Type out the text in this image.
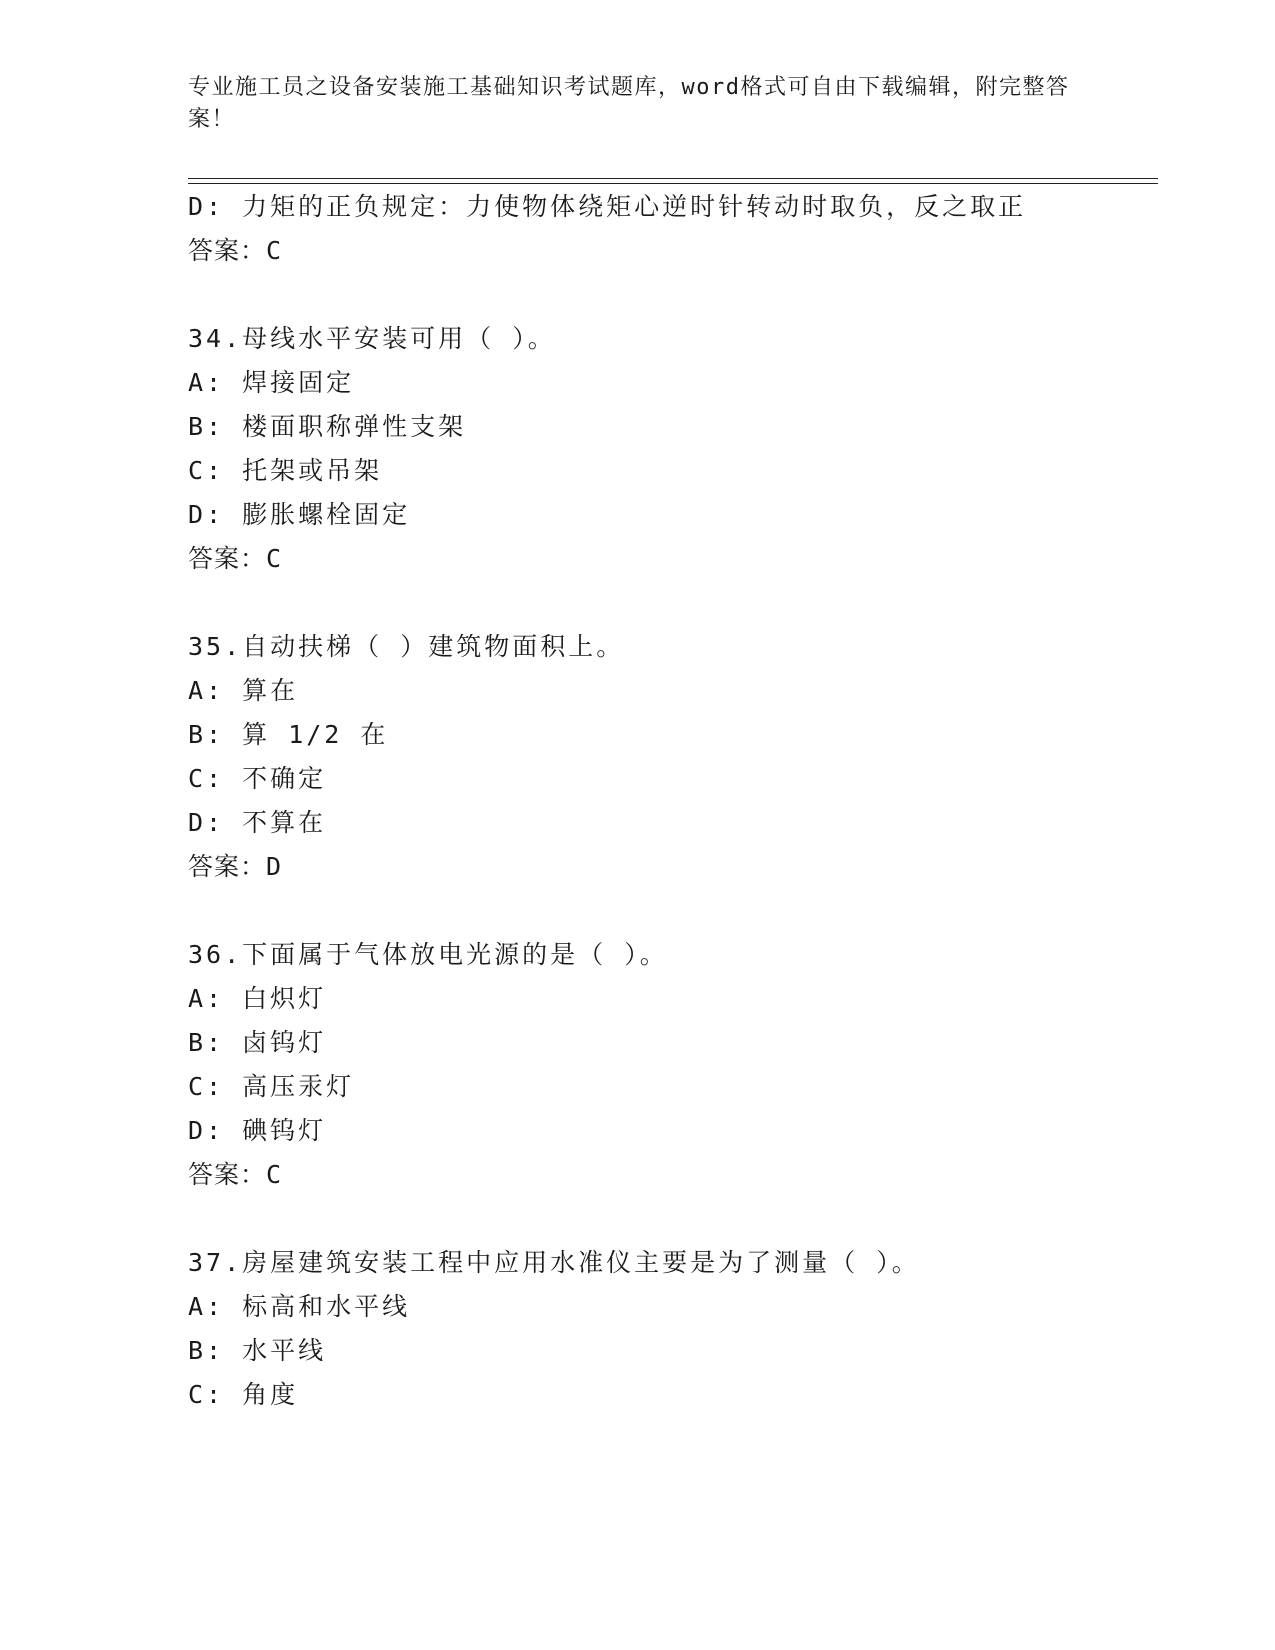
专业施工员之设备安装施工基础知识考试题库，word格式可自由下载编辑，附完整答案！
D: 力矩的正负规定：力使物体绕矩心逆时针转动时取负，反之取正
答案：C
34.母线水平安装可用（ ）。
A: 焊接固定
B: 楼面职称弹性支架
C: 托架或吊架
D: 膨胀螺栓固定
答案：C
35.自动扶梯（ ）建筑物面积上。
A: 算在
B: 算 1/2 在
C: 不确定
D: 不算在
答案：D
36.下面属于气体放电光源的是（ ）。
A: 白炽灯
B: 卤钨灯
C: 高压汞灯
D: 碘钨灯
答案：C
37.房屋建筑安装工程中应用水准仪主要是为了测量（ ）。
A: 标高和水平线
B: 水平线
C: 角度
